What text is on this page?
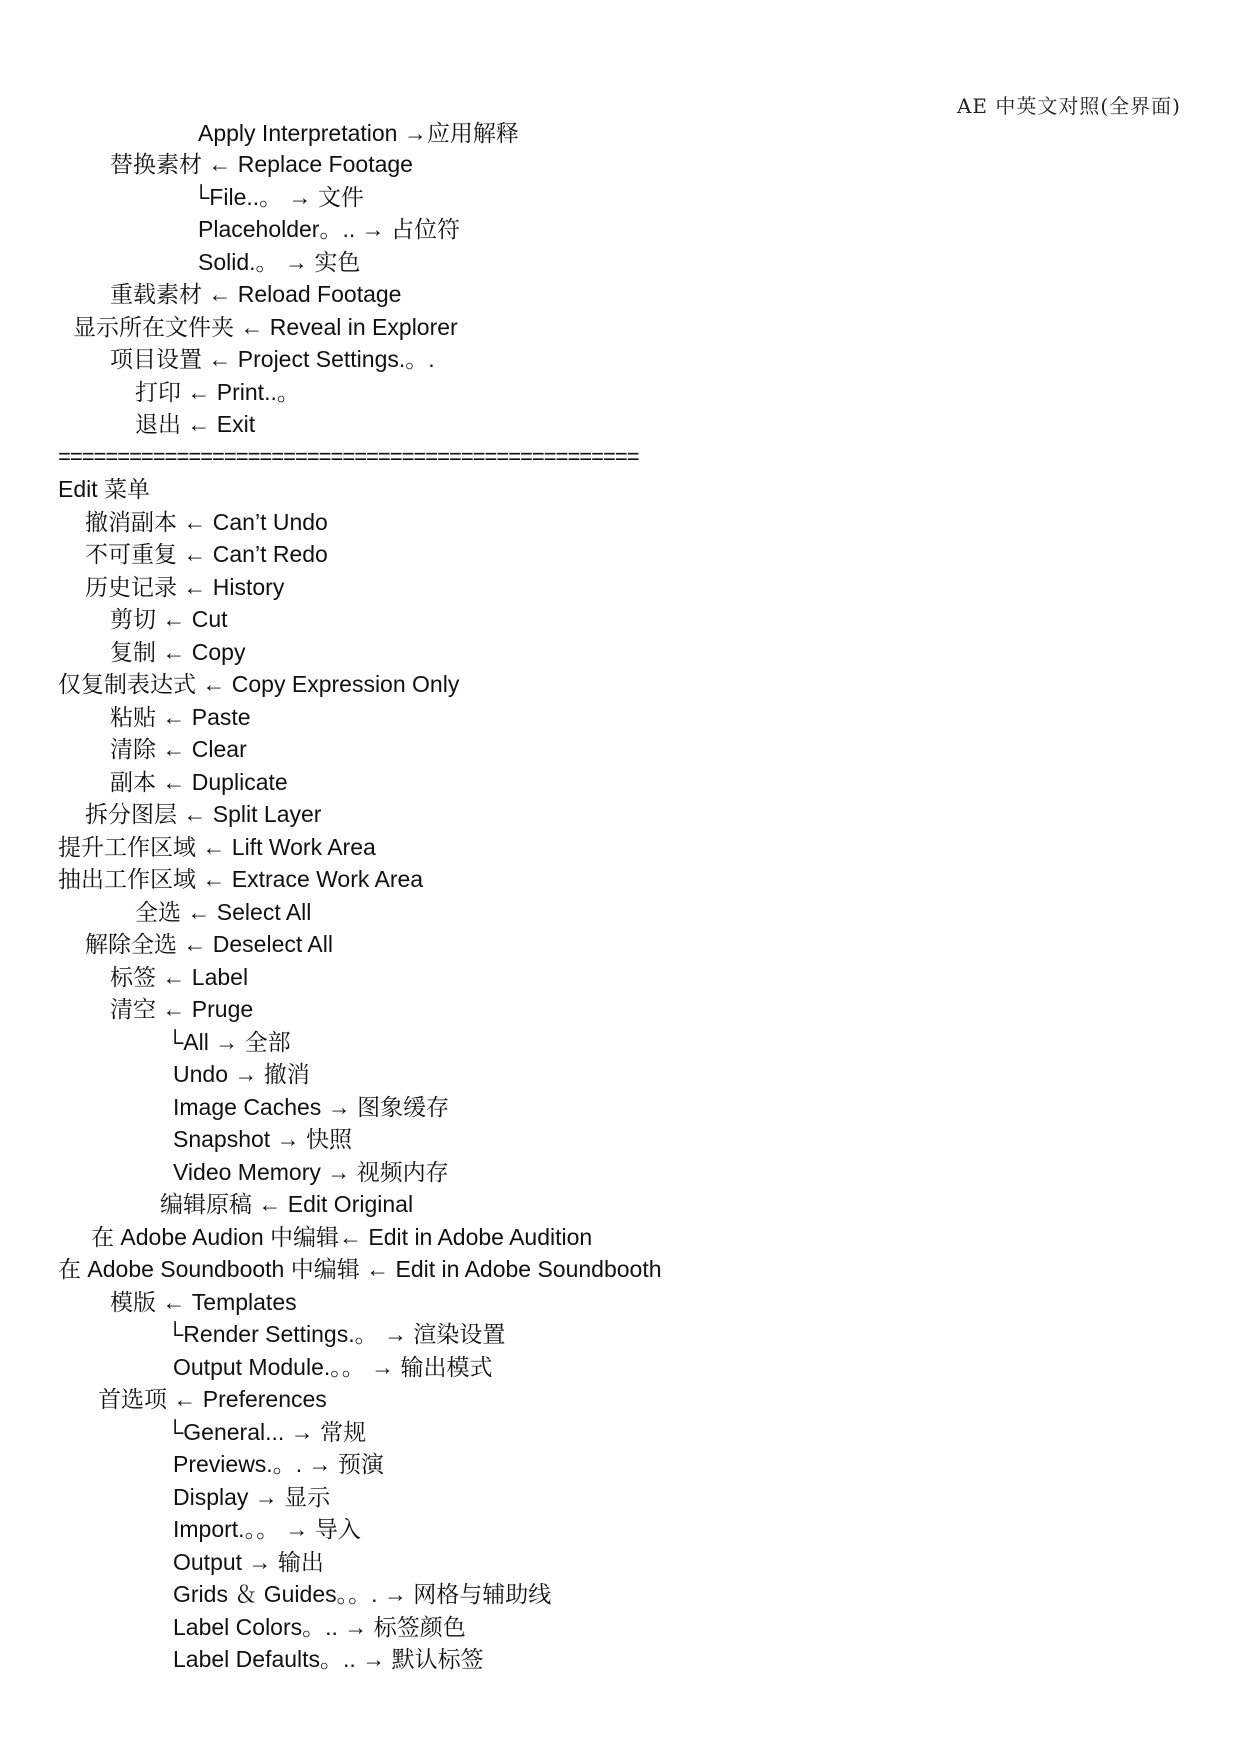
AE 中英文对照(全界面)
Apply Interpretation →应用解释
替换素材 ← Replace Footage
└File..。 → 文件
Placeholder。.. → 占位符
Solid.。 → 实色
重载素材 ← Reload Footage
显示所在文件夹 ← Reveal in Explorer
项目设置 ← Project Settings.。.
打印 ← Print..。
退出 ← Exit
=================================================
Edit 菜单
撤消副本 ← Can’t Undo
不可重复 ← Can’t Redo
历史记录 ← History
剪切 ← Cut
复制 ← Copy
仅复制表达式 ← Copy Expression Only
粘贴 ← Paste
清除 ← Clear
副本 ← Duplicate
拆分图层 ← Split Layer
提升工作区域 ← Lift Work Area
抽出工作区域 ← Extrace Work Area
全选 ← Select All
解除全选 ← Deselect All
标签 ← Label
清空 ← Pruge
└All → 全部
Undo → 撤消
Image Caches → 图象缓存
Snapshot → 快照
Video Memory → 视频内存
编辑原稿 ← Edit Original
在 Adobe Audion 中编辑← Edit in Adobe Audition
在 Adobe Soundbooth 中编辑 ← Edit in Adobe Soundbooth
模版 ← Templates
└Render Settings.。 → 渲染设置
Output Module.。。 → 输出模式
首选项 ← Preferences
└General... → 常规
Previews.。. → 预演
Display → 显示
Import.。。 → 导入
Output → 输出
Grids ＆ Guides。。. → 网格与辅助线
Label Colors。.. → 标签颜色
Label Defaults。.. → 默认标签
